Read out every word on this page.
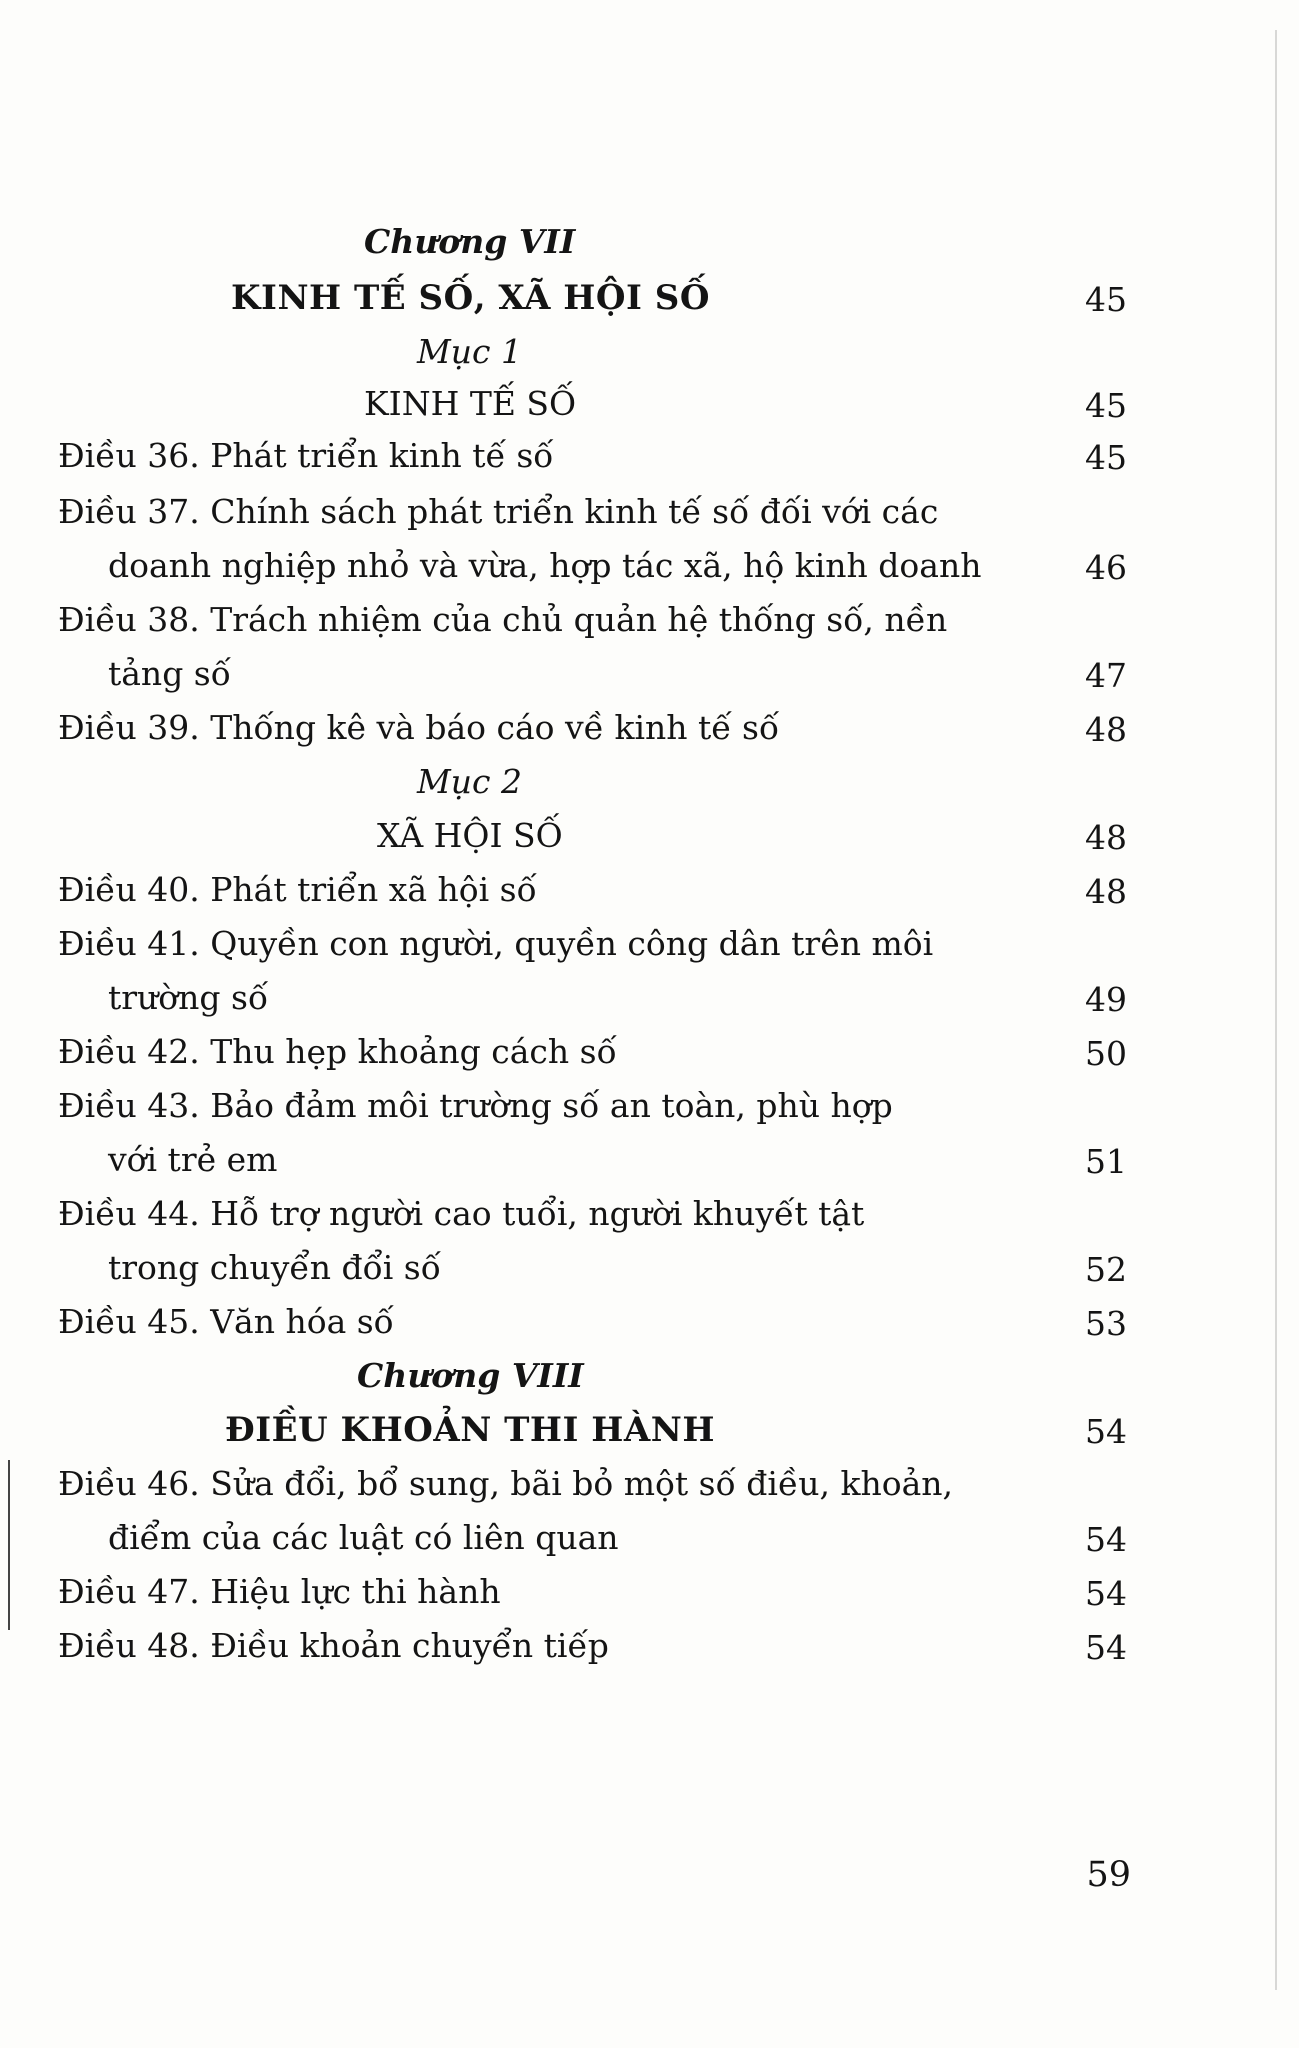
Chương VII
KINH TẾ SỐ, XÃ HỘI SỐ	45
Mục 1
KINH TẾ SỐ	45
Điều 36. Phát triển kinh tế số	45
Điều 37. Chính sách phát triển kinh tế số đối với các
doanh nghiệp nhỏ và vừa, hợp tác xã, hộ kinh doanh	46
Điều 38. Trách nhiệm của chủ quản hệ thống số, nền
tảng số	47
Điều 39. Thống kê và báo cáo về kinh tế số	48
Mục 2
XÃ HỘI SỐ	48
Điều 40. Phát triển xã hội số	48
Điều 41. Quyền con người, quyền công dân trên môi
trường số	49
Điều 42. Thu hẹp khoảng cách số	50
Điều 43. Bảo đảm môi trường số an toàn, phù hợp
với trẻ em	51
Điều 44. Hỗ trợ người cao tuổi, người khuyết tật
trong chuyển đổi số	52
Điều 45. Văn hóa số	53
Chương VIII
ĐIỀU KHOẢN THI HÀNH	54
Điều 46. Sửa đổi, bổ sung, bãi bỏ một số điều, khoản,
điểm của các luật có liên quan	54
Điều 47. Hiệu lực thi hành	54
Điều 48. Điều khoản chuyển tiếp	54
59
